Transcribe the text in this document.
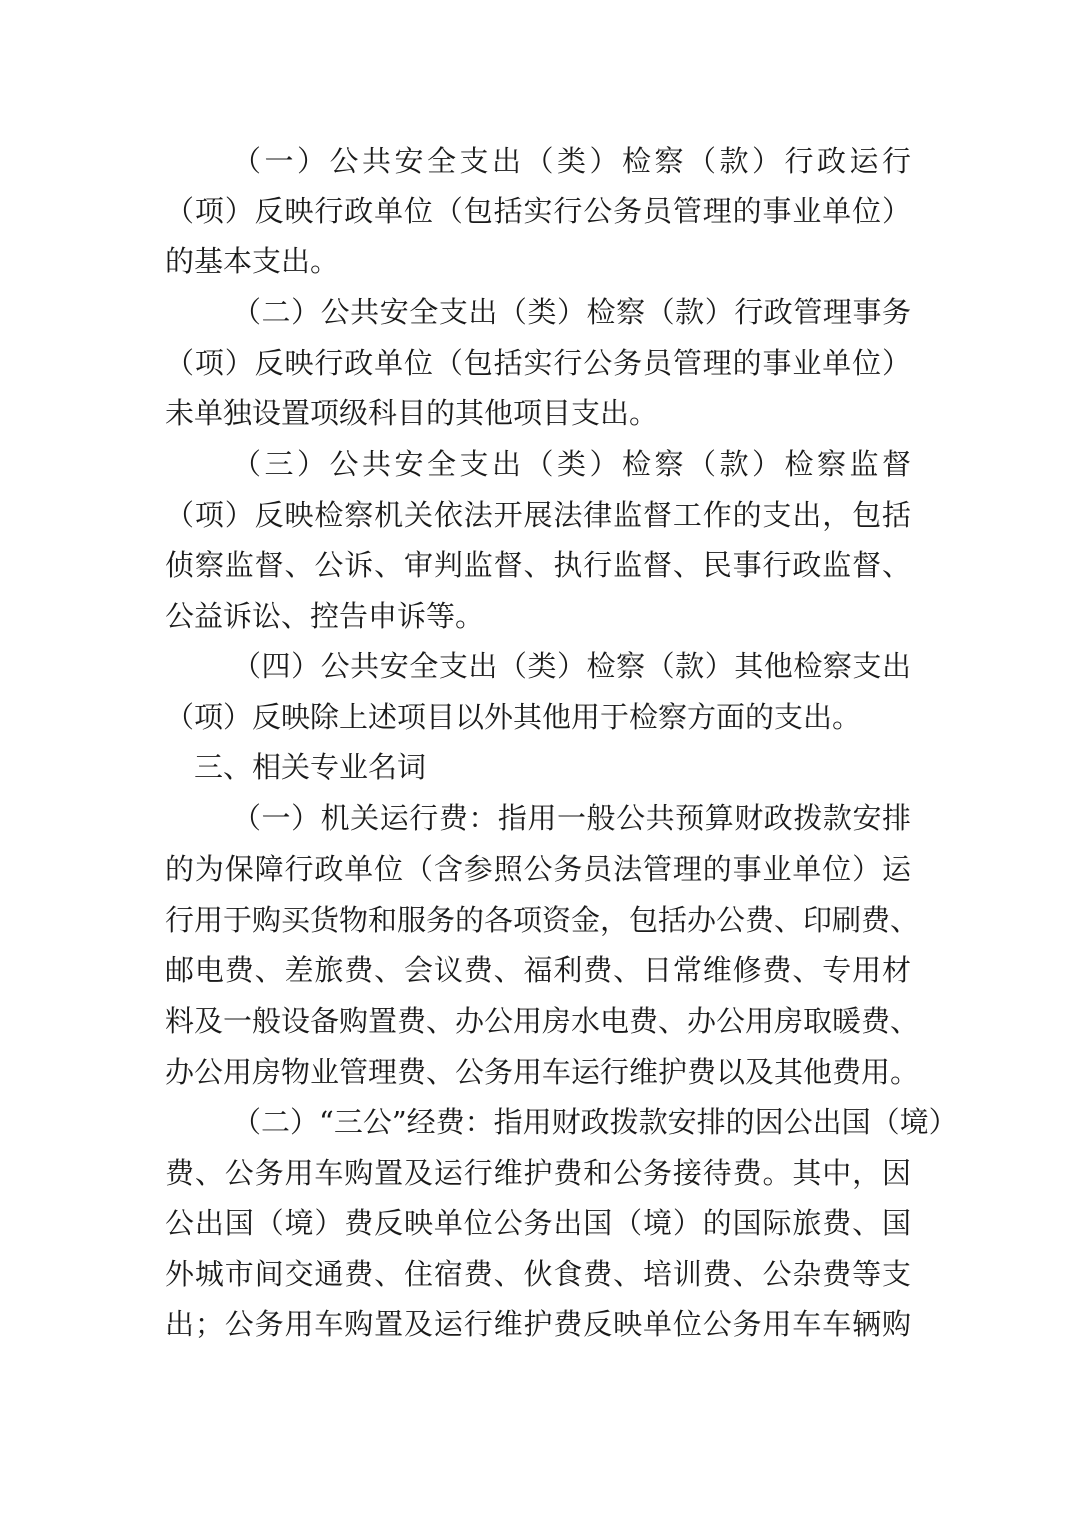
（一）公共安全支出（类）检察（款）行政运行
（项）反映行政单位（包括实行公务员管理的事业单位）
的基本支出。
（二）公共安全支出（类）检察（款）行政管理事务
（项）反映行政单位（包括实行公务员管理的事业单位）
未单独设置项级科目的其他项目支出。
（三）公共安全支出（类）检察（款）检察监督
（项）反映检察机关依法开展法律监督工作的支出，包括
侦察监督、公诉、审判监督、执行监督、民事行政监督、
公益诉讼、控告申诉等。
（四）公共安全支出（类）检察（款）其他检察支出
（项）反映除上述项目以外其他用于检察方面的支出。
三、相关专业名词
（一）机关运行费：指用一般公共预算财政拨款安排
的为保障行政单位（含参照公务员法管理的事业单位）运
行用于购买货物和服务的各项资金，包括办公费、印刷费、
邮电费、差旅费、会议费、福利费、日常维修费、专用材
料及一般设备购置费、办公用房水电费、办公用房取暖费、
办公用房物业管理费、公务用车运行维护费以及其他费用。
（二）“三公”经费：指用财政拨款安排的因公出国（境）
费、公务用车购置及运行维护费和公务接待费。其中，因
公出国（境）费反映单位公务出国（境）的国际旅费、国
外城市间交通费、住宿费、伙食费、培训费、公杂费等支
出；公务用车购置及运行维护费反映单位公务用车车辆购
